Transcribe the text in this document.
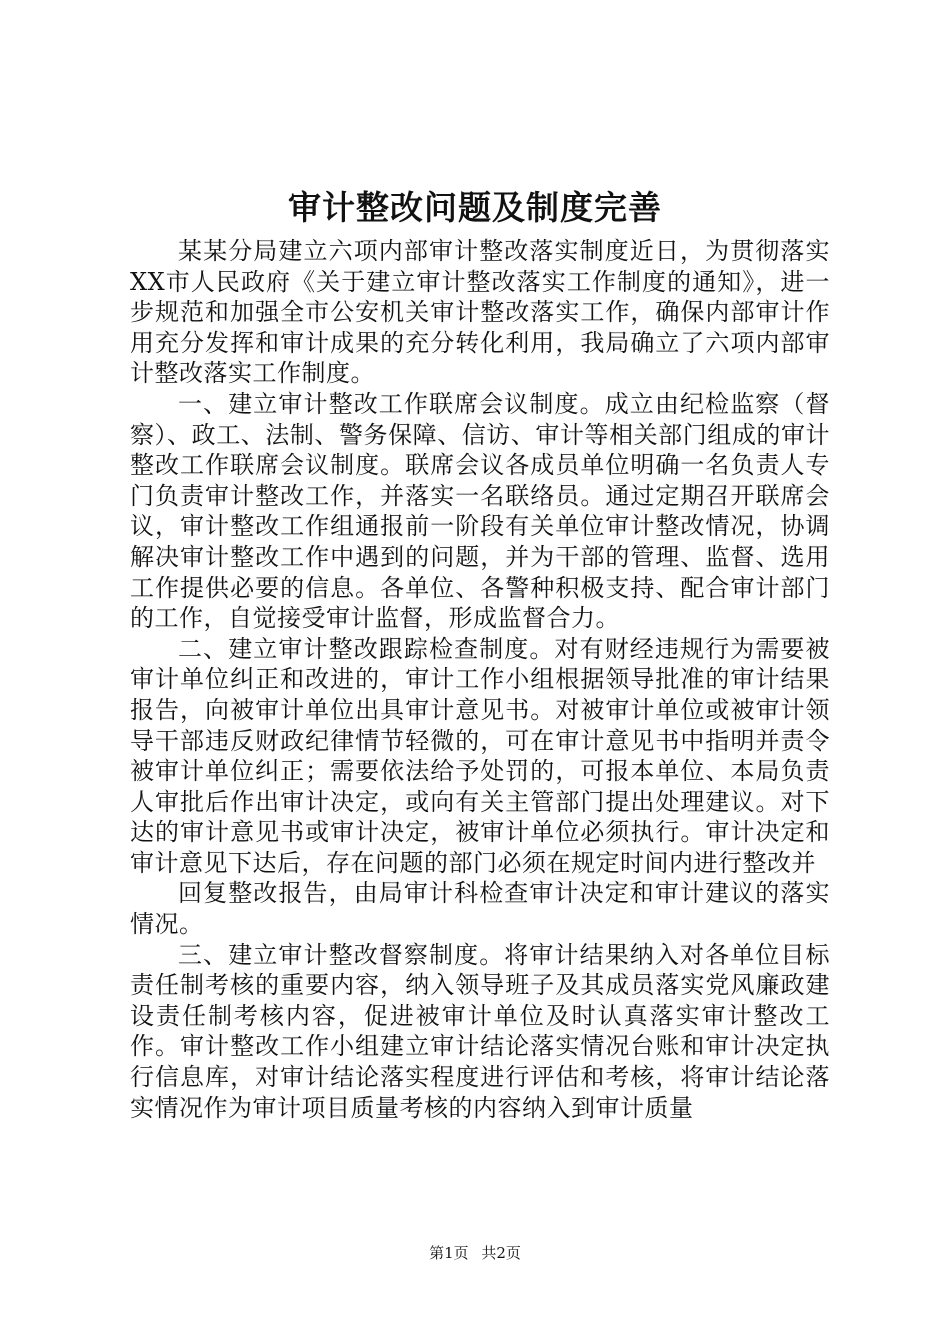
审计整改问题及制度完善

某某分局建立六项内部审计整改落实制度近日，为贯彻落实XX市人民政府《关于建立审计整改落实工作制度的通知》，进一步规范和加强全市公安机关审计整改落实工作，确保内部审计作用充分发挥和审计成果的充分转化利用，我局确立了六项内部审计整改落实工作制度。

一、建立审计整改工作联席会议制度。成立由纪检监察（督察）、政工、法制、警务保障、信访、审计等相关部门组成的审计整改工作联席会议制度。联席会议各成员单位明确一名负责人专门负责审计整改工作，并落实一名联络员。通过定期召开联席会议，审计整改工作组通报前一阶段有关单位审计整改情况，协调解决审计整改工作中遇到的问题，并为干部的管理、监督、选用工作提供必要的信息。各单位、各警种积极支持、配合审计部门的工作，自觉接受审计监督，形成监督合力。

二、建立审计整改跟踪检查制度。对有财经违规行为需要被审计单位纠正和改进的，审计工作小组根据领导批准的审计结果报告，向被审计单位出具审计意见书。对被审计单位或被审计领导干部违反财政纪律情节轻微的，可在审计意见书中指明并责令被审计单位纠正；需要依法给予处罚的，可报本单位、本局负责人审批后作出审计决定，或向有关主管部门提出处理建议。对下达的审计意见书或审计决定，被审计单位必须执行。审计决定和审计意见下达后，存在问题的部门必须在规定时间内进行整改并

回复整改报告，由局审计科检查审计决定和审计建议的落实情况。

三、建立审计整改督察制度。将审计结果纳入对各单位目标责任制考核的重要内容，纳入领导班子及其成员落实党风廉政建设责任制考核内容，促进被审计单位及时认真落实审计整改工作。审计整改工作小组建立审计结论落实情况台账和审计决定执行信息库，对审计结论落实程度进行评估和考核，将审计结论落实情况作为审计项目质量考核的内容纳入到审计质量

第1页 共2页
